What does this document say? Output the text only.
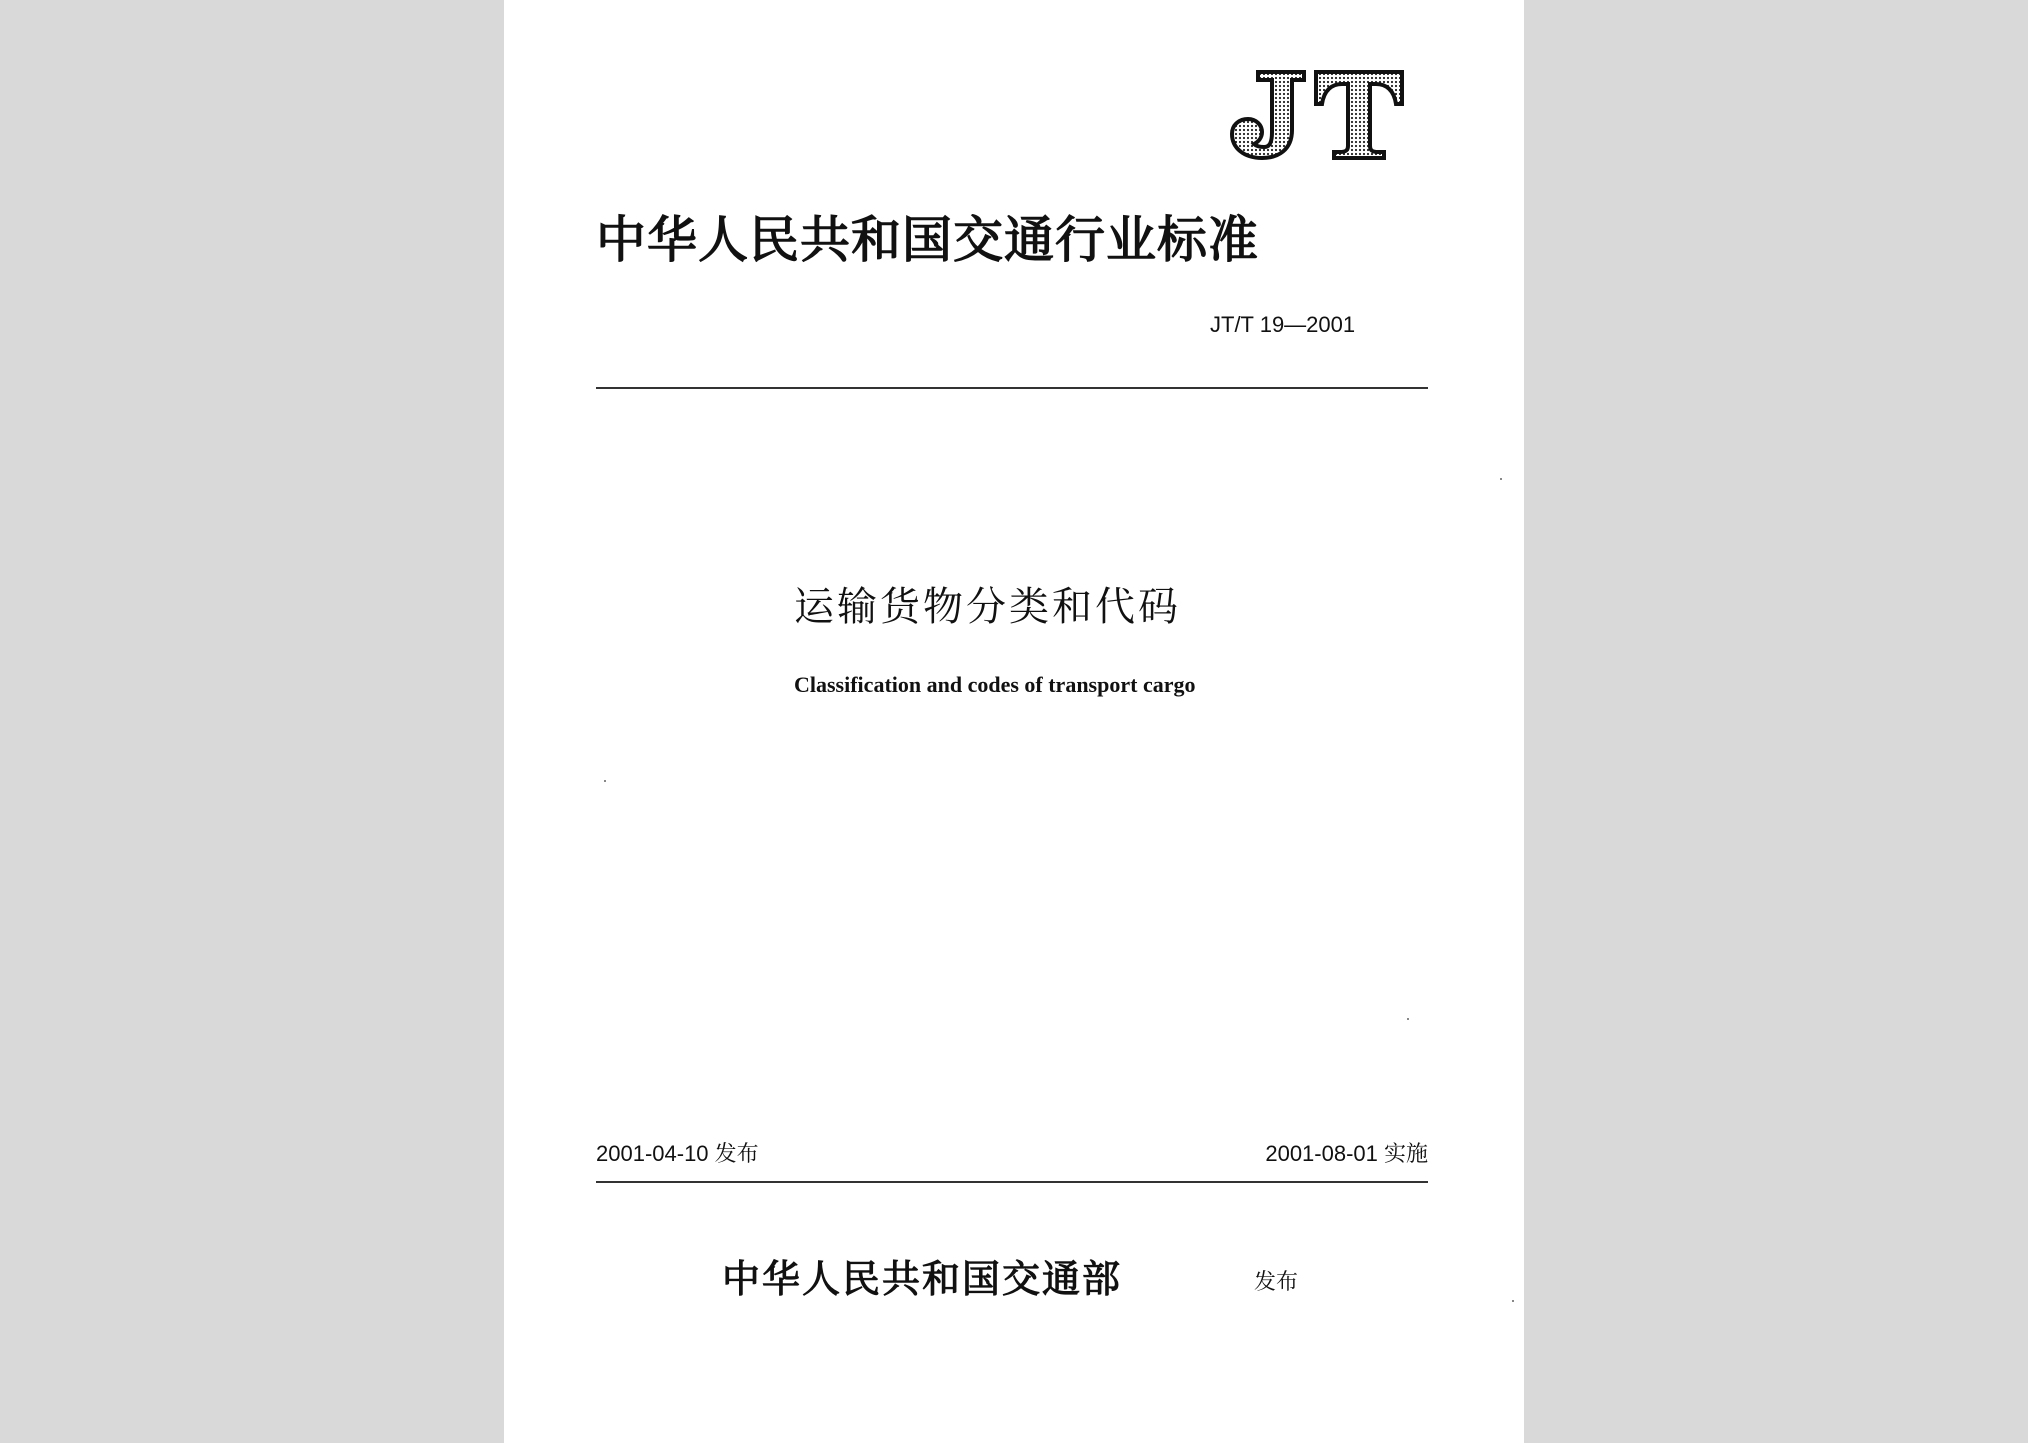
中华人民共和国交通行业标准
JT/T 19—2001
运输货物分类和代码
Classification and codes of transport cargo
2001-04-10 发布	2001-08-01 实施
中华人民共和国交通部	发布
